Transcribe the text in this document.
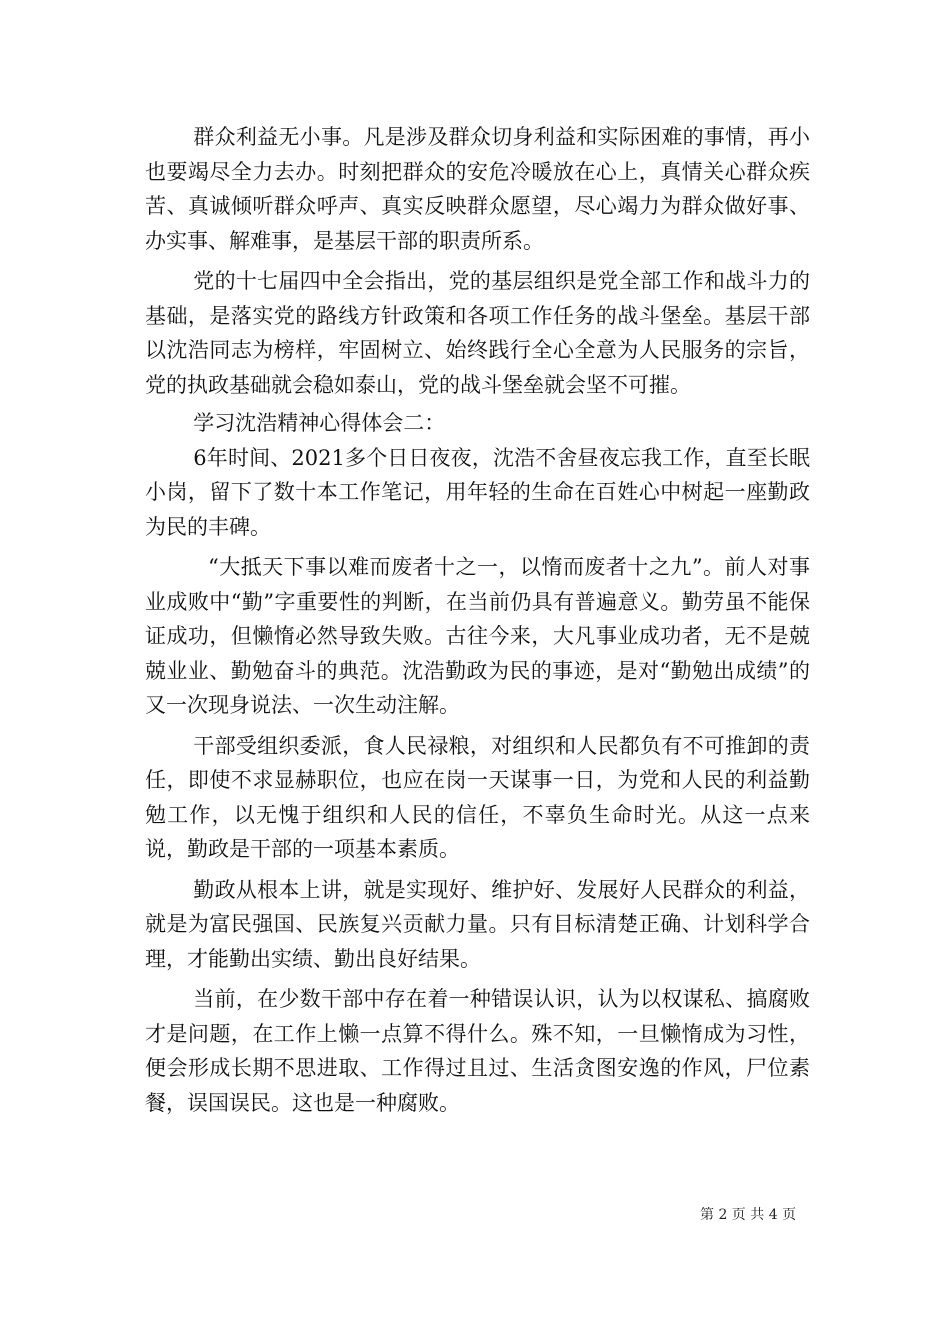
群众利益无小事。凡是涉及群众切身利益和实际困难的事情，再小也要竭尽全力去办。时刻把群众的安危冷暖放在心上，真情关心群众疾苦、真诚倾听群众呼声、真实反映群众愿望，尽心竭力为群众做好事、办实事、解难事，是基层干部的职责所系。

党的十七届四中全会指出，党的基层组织是党全部工作和战斗力的基础，是落实党的路线方针政策和各项工作任务的战斗堡垒。基层干部以沈浩同志为榜样，牢固树立、始终践行全心全意为人民服务的宗旨，党的执政基础就会稳如泰山，党的战斗堡垒就会坚不可摧。

学习沈浩精神心得体会二：

6年时间、2021多个日日夜夜，沈浩不舍昼夜忘我工作，直至长眠小岗，留下了数十本工作笔记，用年轻的生命在百姓心中树起一座勤政为民的丰碑。

“大抵天下事以难而废者十之一，以惰而废者十之九”。前人对事业成败中“勤”字重要性的判断，在当前仍具有普遍意义。勤劳虽不能保证成功，但懒惰必然导致失败。古往今来，大凡事业成功者，无不是兢兢业业、勤勉奋斗的典范。沈浩勤政为民的事迹，是对“勤勉出成绩”的又一次现身说法、一次生动注解。

干部受组织委派，食人民禄粮，对组织和人民都负有不可推卸的责任，即使不求显赫职位，也应在岗一天谋事一日，为党和人民的利益勤勉工作，以无愧于组织和人民的信任，不辜负生命时光。从这一点来说，勤政是干部的一项基本素质。

勤政从根本上讲，就是实现好、维护好、发展好人民群众的利益，就是为富民强国、民族复兴贡献力量。只有目标清楚正确、计划科学合理，才能勤出实绩、勤出良好结果。

当前，在少数干部中存在着一种错误认识，认为以权谋私、搞腐败才是问题，在工作上懒一点算不得什么。殊不知，一旦懒惰成为习性，便会形成长期不思进取、工作得过且过、生活贪图安逸的作风，尸位素餐，误国误民。这也是一种腐败。

第 2 页 共 4 页
